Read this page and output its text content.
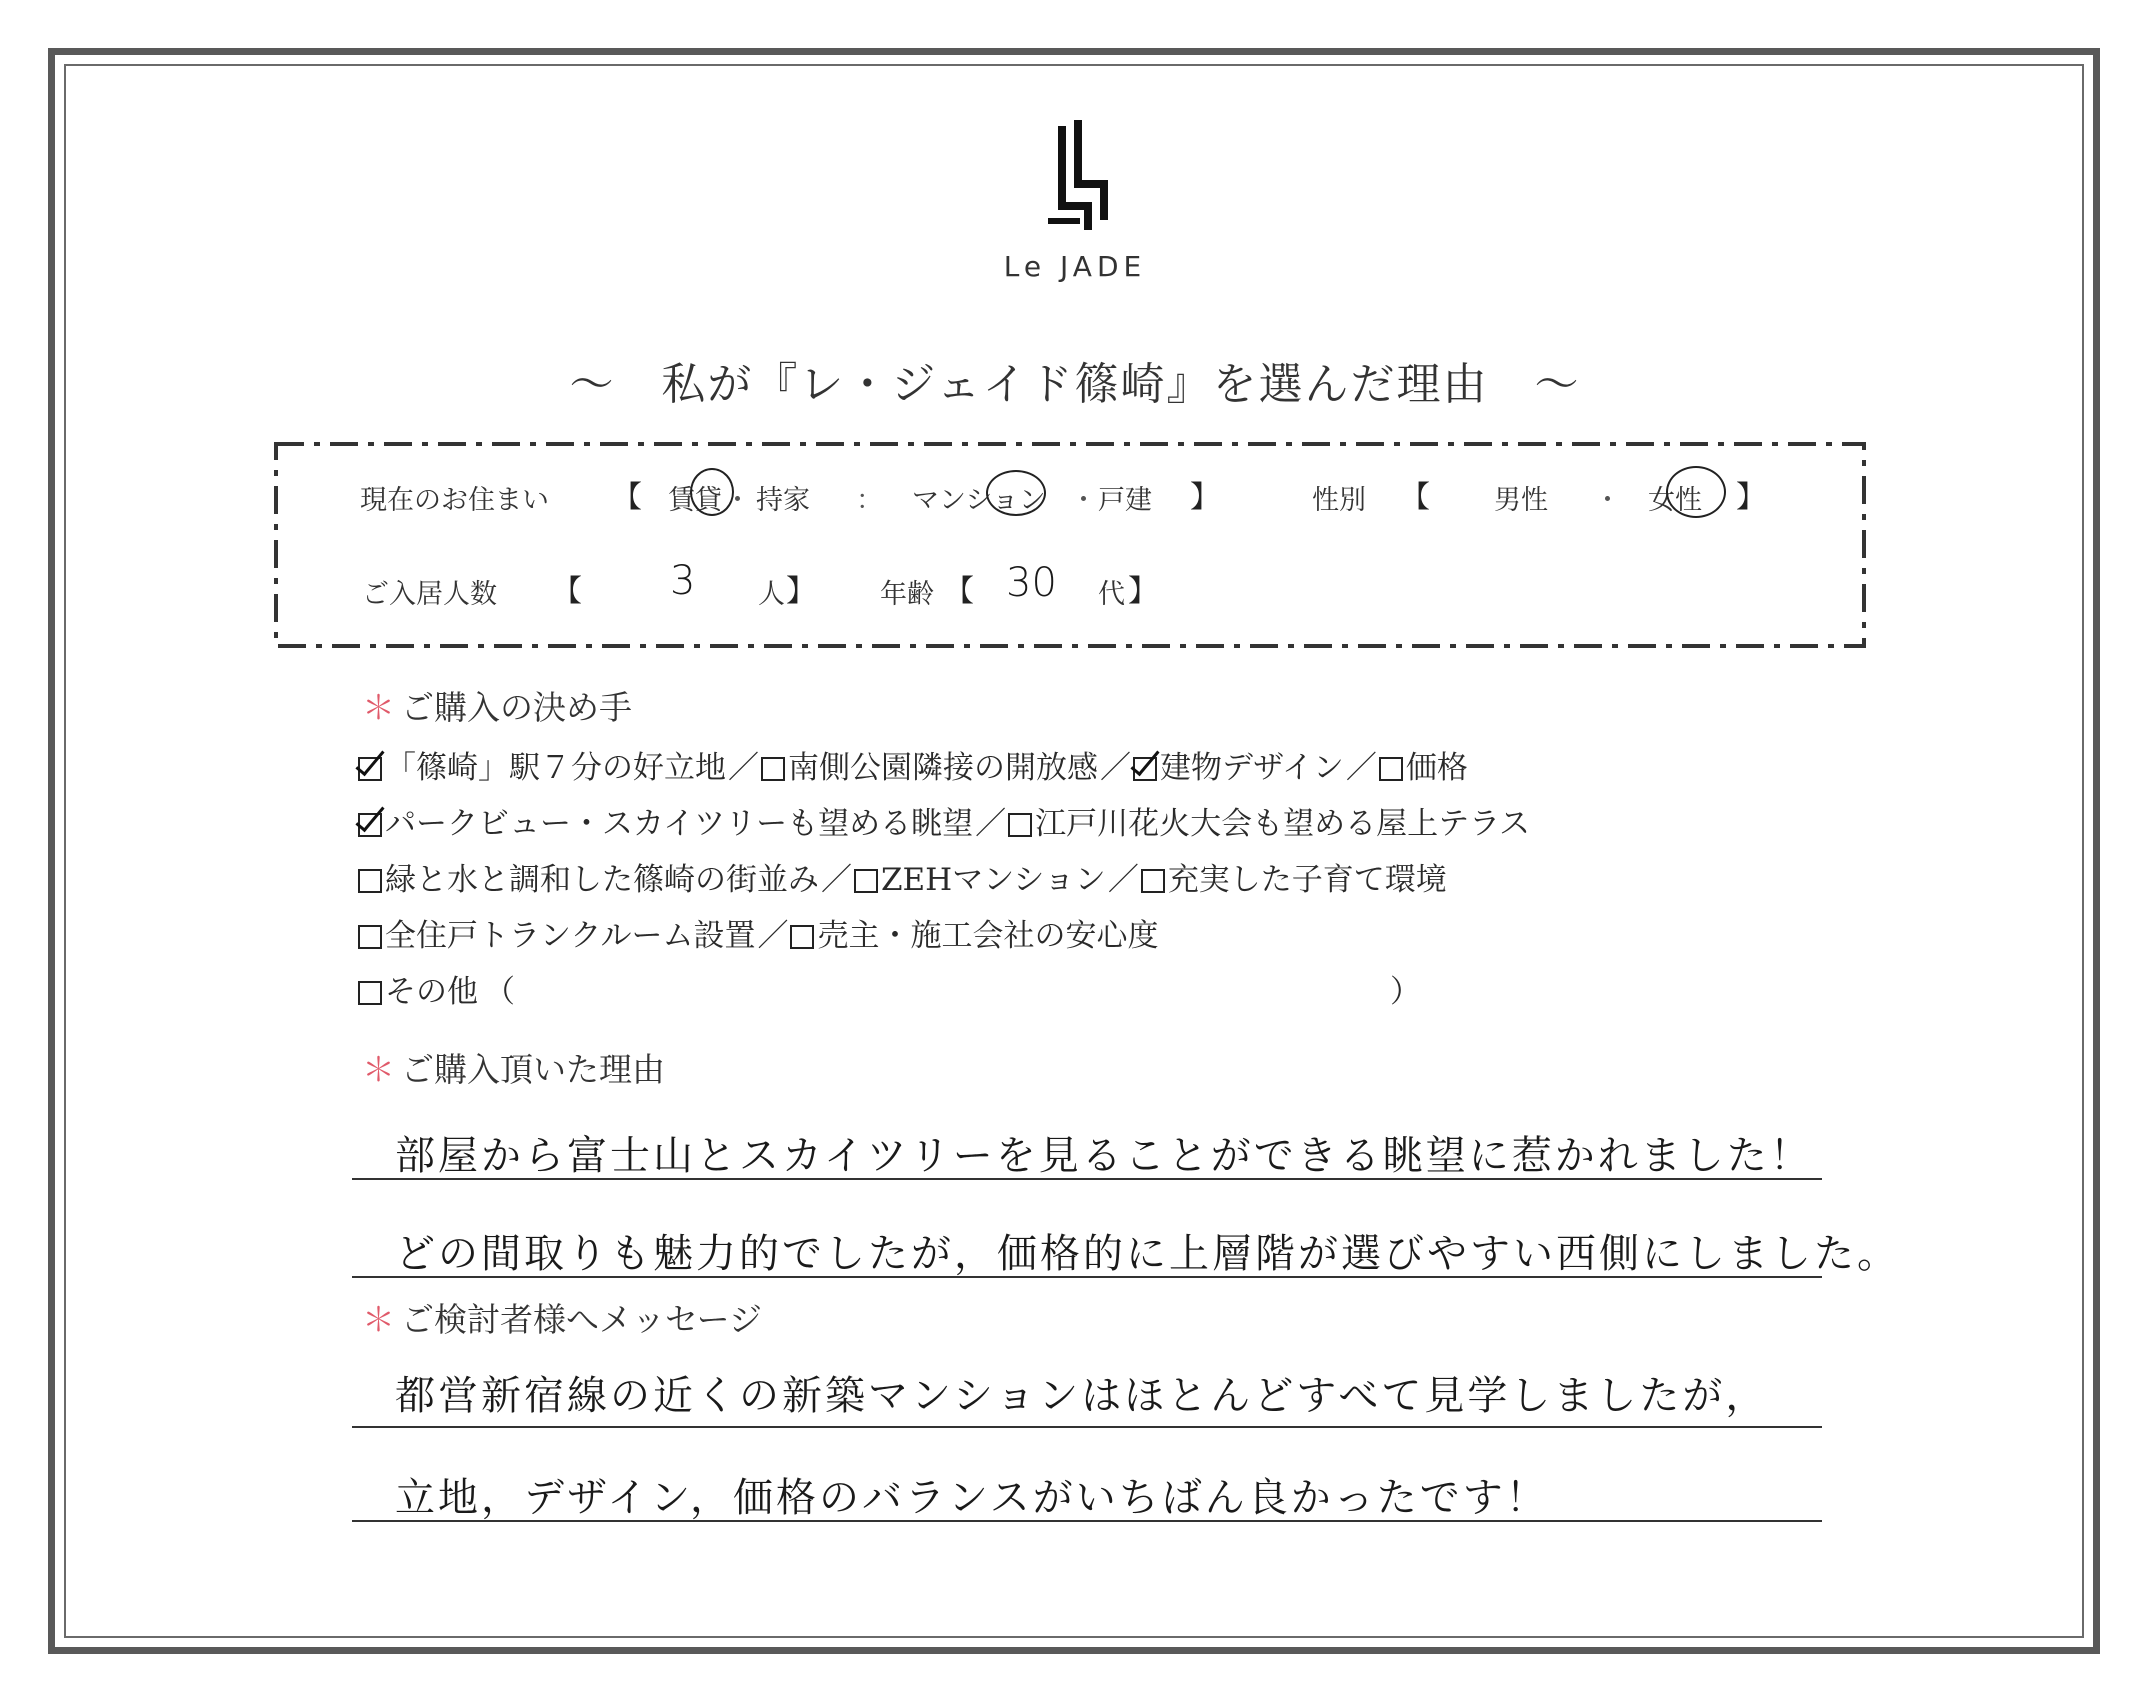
Le JADE
～　私が『レ・ジェイド篠崎』を選んだ理由　～
現在のお住まい 【 賃貸 ・ 持家 ： マンション ・ 戸建 】	性別 【 男性 ・ 女性 】
ご入居人数 【 3 人 】 年齢 【 30 代 】
＊ ご購入の決め手
「篠崎」駅７分の好立地／ 南側公園隣接の開放感／ 建物デザイン／ 価格
パークビュー・スカイツリーも望める眺望／ 江戸川花火大会も望める屋上テラス
緑と水と調和した篠崎の街並み／ ZEHマンション／ 充実した子育て環境
全住戸トランクルーム設置／ 売主・施工会社の安心度
その他 （	）
＊ ご購入頂いた理由
部屋から富士山とスカイツリーを見ることができる眺望に惹かれました！
どの間取りも魅力的でしたが，価格的に上層階が選びやすい西側にしました。
＊ ご検討者様へメッセージ
都営新宿線の近くの新築マンションはほとんどすべて見学しましたが，
立地，デザイン，価格のバランスがいちばん良かったです！
